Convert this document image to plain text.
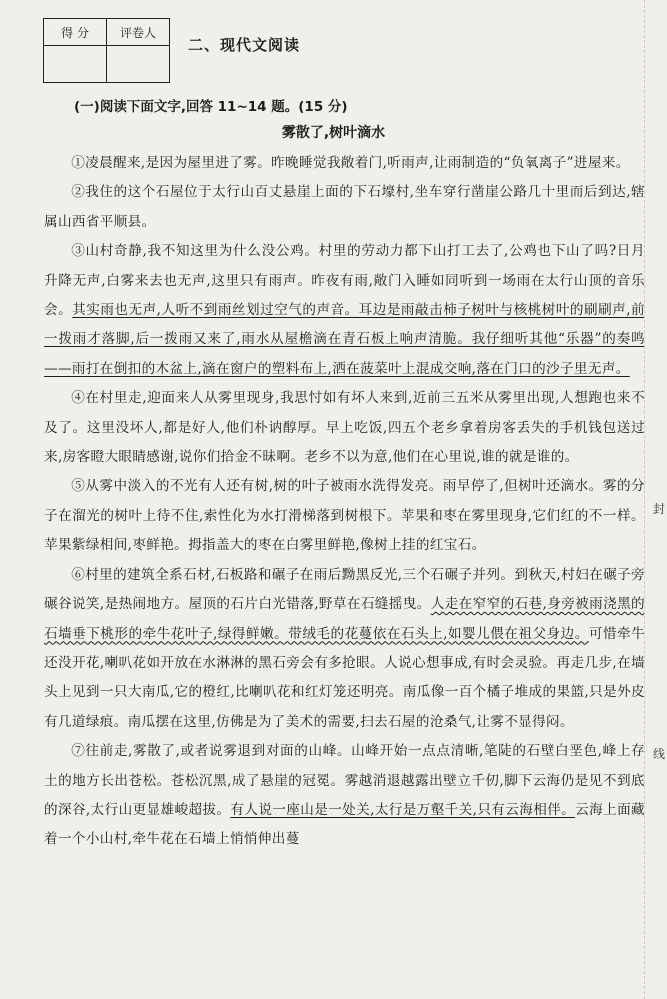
得 分	评卷人

二、现代文阅读
(一)阅读下面文字,回答 11~14 题。(15 分)
雾散了,树叶滴水

①凌晨醒来,是因为屋里进了雾。昨晚睡觉我敞着门,听雨声,让雨制造的“负氧离子”进屋来。

②我住的这个石屋位于太行山百丈悬崖上面的下石壕村,坐车穿行凿崖公路几十里而后到达,辖属山西省平顺县。

③山村奇静,我不知这里为什么没公鸡。村里的劳动力都下山打工去了,公鸡也下山了吗?日月升降无声,白雾来去也无声,这里只有雨声。昨夜有雨,敞门入睡如同听到一场雨在太行山顶的音乐会。其实雨也无声,人听不到雨丝划过空气的声音。耳边是雨敲击柿子树叶与核桃树叶的刷刷声,前一拨雨才落脚,后一拨雨又来了,雨水从屋檐滴在青石板上响声清脆。我仔细听其他“乐器”的奏鸣——雨打在倒扣的木盆上,滴在窗户的塑料布上,洒在菠菜叶上混成交响,落在门口的沙子里无声。

④在村里走,迎面来人从雾里现身,我思忖如有坏人来到,近前三五米从雾里出现,人想跑也来不及了。这里没坏人,都是好人,他们朴讷醇厚。早上吃饭,四五个老乡拿着房客丢失的手机钱包送过来,房客瞪大眼睛感谢,说你们拾金不昧啊。老乡不以为意,他们在心里说,谁的就是谁的。

⑤从雾中淡入的不光有人还有树,树的叶子被雨水洗得发亮。雨早停了,但树叶还滴水。雾的分子在溜光的树叶上待不住,索性化为水打滑梯落到树根下。苹果和枣在雾里现身,它们红的不一样。苹果紫绿相间,枣鲜艳。拇指盖大的枣在白雾里鲜艳,像树上挂的红宝石。

⑥村里的建筑全系石材,石板路和碾子在雨后黝黑反光,三个石碾子并列。到秋天,村妇在碾子旁碾谷说笑,是热闹地方。屋顶的石片白光错落,野草在石缝摇曳。人走在窄窄的石巷,身旁被雨浇黑的石墙垂下桃形的牵牛花叶子,绿得鲜嫩。带绒毛的花蔓依在石头上,如婴儿偎在祖父身边。可惜牵牛还没开花,喇叭花如开放在水淋淋的黑石旁会有多抢眼。人说心想事成,有时会灵验。再走几步,在墙头上见到一只大南瓜,它的橙红,比喇叭花和红灯笼还明亮。南瓜像一百个橘子堆成的果篮,只是外皮有几道绿痕。南瓜摆在这里,仿佛是为了美术的需要,扫去石屋的沧桑气,让雾不显得闷。

⑦往前走,雾散了,或者说雾退到对面的山峰。山峰开始一点点清晰,笔陡的石壁白垩色,峰上存土的地方长出苍松。苍松沉黑,成了悬崖的冠冕。雾越消退越露出壁立千仞,脚下云海仍是见不到底的深谷,太行山更显雄峻超拔。有人说一座山是一处关,太行是万壑千关,只有云海相伴。云海上面藏着一个小山村,牵牛花在石墙上悄悄伸出蔓

封
线
